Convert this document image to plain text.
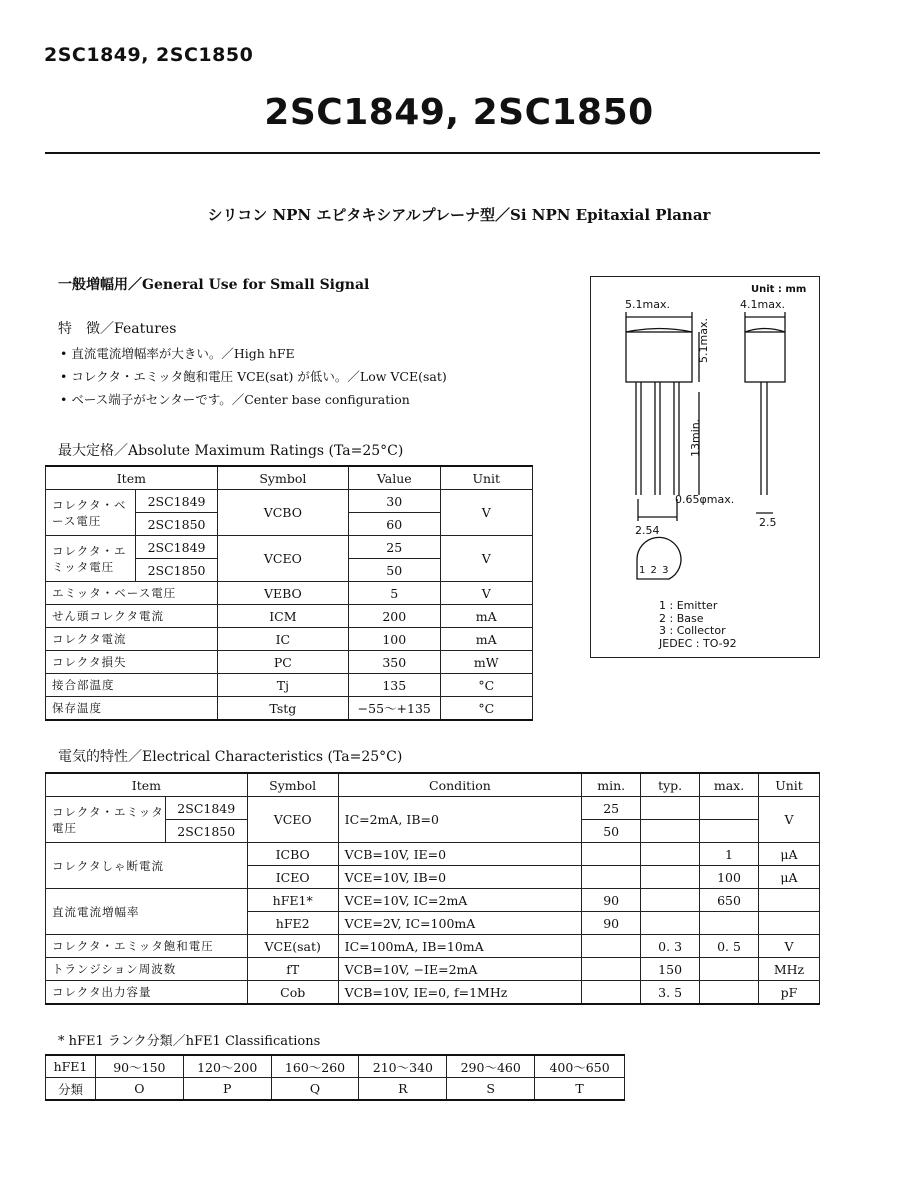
2SC1849, 2SC1850
2SC1849, 2SC1850
シリコン NPN エピタキシアルプレーナ型／Si NPN Epitaxial Planar
一般増幅用／General Use for Small Signal
特　徴／Features
• 直流電流増幅率が大きい。／High hFE
• コレクタ・エミッタ飽和電圧 VCE(sat) が低い。／Low VCE(sat)
• ベース端子がセンターです。／Center base configuration
最大定格／Absolute Maximum Ratings (Ta=25°C)
Item		Symbol	Value	Unit
コレクタ・ベース電圧	2SC1849	VCBO	30	V
	2SC1850		60	
コレクタ・エミッタ電圧	2SC1849	VCEO	25	V
	2SC1850		50	
エミッタ・ベース電圧		VEBO	5	V
せん頭コレクタ電流		ICM	200	mA
コレクタ電流		IC	100	mA
コレクタ損失		PC	350	mW
接合部温度		Tj	135	°C
保存温度		Tstg	−55〜+135	°C
Unit : mm
5.1max.	4.1max.
5.1max.
13min.
0.65φmax.
2.54
2.5
1 2 3
1 : Emitter
2 : Base
3 : Collector
JEDEC : TO-92
電気的特性／Electrical Characteristics (Ta=25°C)
Item		Symbol	Condition	min.	typ.	max.	Unit
コレクタ・エミッタ電圧	2SC1849	VCEO	IC=2mA, IB=0	25			V
	2SC1850			50			
コレクタしゃ断電流		ICBO	VCB=10V, IE=0			1	μA
		ICEO	VCE=10V, IB=0			100	μA
直流電流増幅率		hFE1*	VCE=10V, IC=2mA	90		650	
		hFE2	VCE=2V, IC=100mA	90			
コレクタ・エミッタ飽和電圧		VCE(sat)	IC=100mA, IB=10mA		0. 3	0. 5	V
トランジション周波数		fT	VCB=10V, −IE=2mA		150		MHz
コレクタ出力容量		Cob	VCB=10V, IE=0, f=1MHz		3. 5		pF
* hFE1 ランク分類／hFE1 Classifications
hFE1	90〜150	120〜200	160〜260	210〜340	290〜460	400〜650
分類	O	P	Q	R	S	T
